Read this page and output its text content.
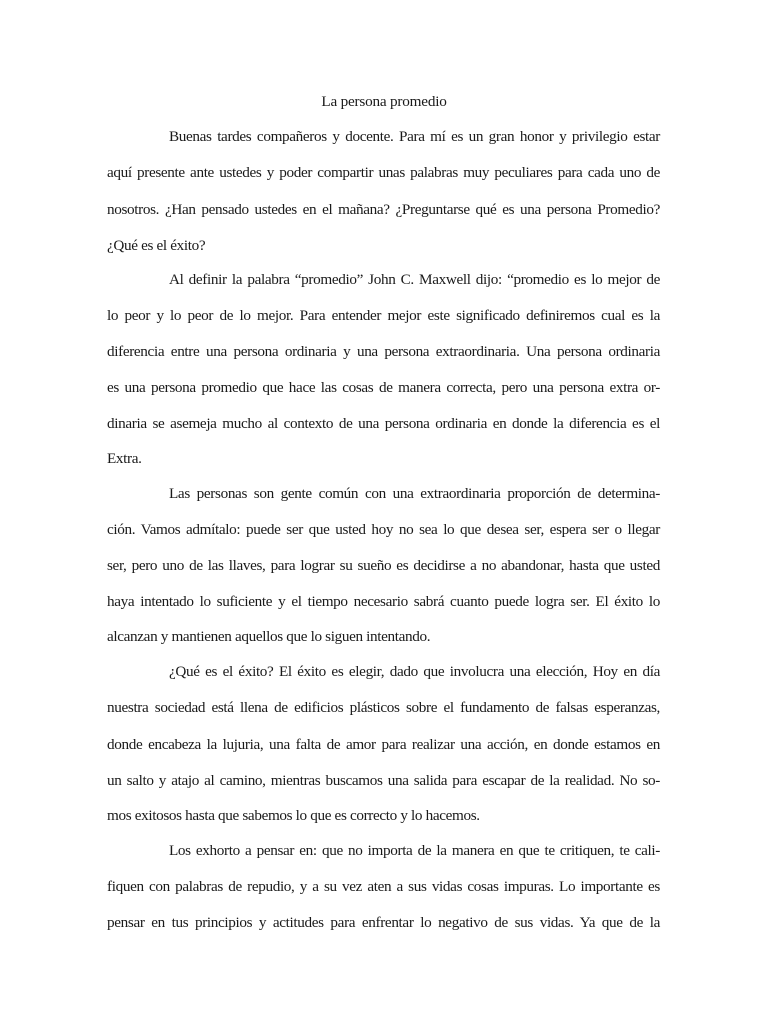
La persona promedio
Buenas tardes compañeros y docente. Para mí es un gran honor y privilegio estar
aquí presente ante ustedes y poder compartir unas palabras muy peculiares para cada uno de
nosotros. ¿Han pensado ustedes en el mañana? ¿Preguntarse qué es una persona Promedio?
¿Qué es el éxito?
Al definir la palabra “promedio” John C. Maxwell dijo: “promedio es lo mejor de
lo peor y lo peor de lo mejor. Para entender mejor este significado definiremos cual es la
diferencia entre una persona ordinaria y una persona extraordinaria. Una persona ordinaria
es una persona promedio que hace las cosas de manera correcta, pero una persona extra or-
dinaria se asemeja mucho al contexto de una persona ordinaria en donde la diferencia es el
Extra.
Las personas son gente común con una extraordinaria proporción de determina-
ción. Vamos admítalo: puede ser que usted hoy no sea lo que desea ser, espera ser o llegar
ser, pero uno de las llaves, para lograr su sueño es decidirse a no abandonar, hasta que usted
haya intentado lo suficiente y el tiempo necesario sabrá cuanto puede logra ser. El éxito lo
alcanzan y mantienen aquellos que lo siguen intentando.
¿Qué es el éxito? El éxito es elegir, dado que involucra una elección, Hoy en día
nuestra sociedad está llena de edificios plásticos sobre el fundamento de falsas esperanzas,
donde encabeza la lujuria, una falta de amor para realizar una acción, en donde estamos en
un salto y atajo al camino, mientras buscamos una salida para escapar de la realidad. No so-
mos exitosos hasta que sabemos lo que es correcto y lo hacemos.
Los exhorto a pensar en: que no importa de la manera en que te critiquen, te cali-
fiquen con palabras de repudio, y a su vez aten a sus vidas cosas impuras. Lo importante es
pensar en tus principios y actitudes para enfrentar lo negativo de sus vidas. Ya que de la
